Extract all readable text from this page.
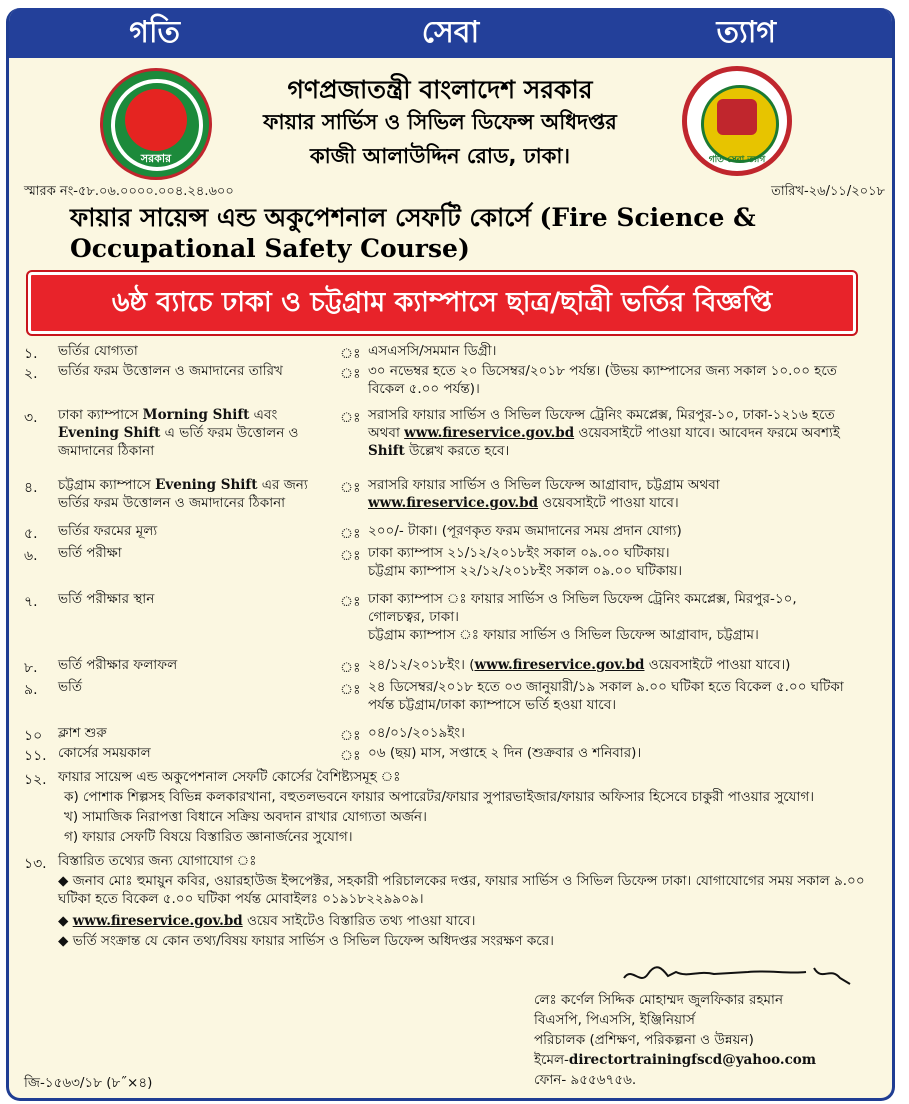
গতি	সেবা	ত্যাগ
সরকার	গতি সেবা ত্যাগ
গণপ্রজাতন্ত্রী বাংলাদেশ সরকার
ফায়ার সার্ভিস ও সিভিল ডিফেন্স অধিদপ্তর
কাজী আলাউদ্দিন রোড, ঢাকা।
স্মারক নং-৫৮.০৬.০০০০.০০৪.২৪.৬০০	তারিখ-২৬/১১/২০১৮
ফায়ার সায়েন্স এন্ড অকুপেশনাল সেফটি কোর্সে (Fire Science & Occupational Safety Course)
৬ষ্ঠ ব্যাচে ঢাকা ও চট্টগ্রাম ক্যাম্পাসে ছাত্র/ছাত্রী ভর্তির বিজ্ঞপ্তি
১. ভর্তির যোগ্যতা	ঃ এসএসসি/সমমান ডিগ্রী।
২. ভর্তির ফরম উত্তোলন ও জমাদানের তারিখ	ঃ ৩০ নভেম্বর হতে ২০ ডিসেম্বর/২০১৮ পর্যন্ত। (উভয় ক্যাম্পাসের জন্য সকাল ১০.০০ হতে বিকেল ৫.০০ পর্যন্ত)।
৩. ঢাকা ক্যাম্পাসে Morning Shift এবং Evening Shift এ ভর্তি ফরম উত্তোলন ও জমাদানের ঠিকানা
ঃ সরাসরি ফায়ার সার্ভিস ও সিভিল ডিফেন্স ট্রেনিং কমপ্লেক্স, মিরপুর-১০, ঢাকা-১২১৬ হতে অথবা www.fireservice.gov.bd ওয়েবসাইটে পাওয়া যাবে। আবেদন ফরমে অবশ্যই Shift উল্লেখ করতে হবে।
৪. চট্টগ্রাম ক্যাম্পাসে Evening Shift এর জন্য ভর্তির ফরম উত্তোলন ও জমাদানের ঠিকানা
ঃ সরাসরি ফায়ার সার্ভিস ও সিভিল ডিফেন্স আগ্রাবাদ, চট্টগ্রাম অথবা
www.fireservice.gov.bd ওয়েবসাইটে পাওয়া যাবে।
৫. ভর্তির ফরমের মূল্য	ঃ ২০০/- টাকা। (পূরণকৃত ফরম জমাদানের সময় প্রদান যোগ্য)
৬. ভর্তি পরীক্ষা	ঃ ঢাকা ক্যাম্পাস ২১/১২/২০১৮ইং সকাল ০৯.০০ ঘটিকায়।
চট্টগ্রাম ক্যাম্পাস ২২/১২/২০১৮ইং সকাল ০৯.০০ ঘটিকায়।
৭. ভর্তি পরীক্ষার স্থান	ঃ ঢাকা ক্যাম্পাস ঃ ফায়ার সার্ভিস ও সিভিল ডিফেন্স ট্রেনিং কমপ্লেক্স, মিরপুর-১০, গোলচত্বর, ঢাকা।
চট্টগ্রাম ক্যাম্পাস ঃ ফায়ার সার্ভিস ও সিভিল ডিফেন্স আগ্রাবাদ, চট্টগ্রাম।
৮. ভর্তি পরীক্ষার ফলাফল	ঃ ২৪/১২/২০১৮ইং। (www.fireservice.gov.bd ওয়েবসাইটে পাওয়া যাবে।)
৯. ভর্তি	ঃ ২৪ ডিসেম্বর/২০১৮ হতে ০৩ জানুয়ারী/১৯ সকাল ৯.০০ ঘটিকা হতে বিকেল ৫.০০ ঘটিকা পর্যন্ত চট্টগ্রাম/ঢাকা ক্যাম্পাসে ভর্তি হওয়া যাবে।
১০ ক্লাশ শুরু	ঃ ০৪/০১/২০১৯ইং।
১১. কোর্সের সময়কাল	ঃ ০৬ (ছয়) মাস, সপ্তাহে ২ দিন (শুক্রবার ও শনিবার)।
১২. ফায়ার সায়েন্স এন্ড অকুপেশনাল সেফটি কোর্সের বৈশিষ্ট্যসমূহ ঃ
ক) পোশাক শিল্পসহ বিভিন্ন কলকারখানা, বহুতলভবনে ফায়ার অপারেটর/ফায়ার সুপারভাইজার/ফায়ার অফিসার হিসেবে চাকুরী পাওয়ার সুযোগ।
খ) সামাজিক নিরাপত্তা বিধানে সক্রিয় অবদান রাখার যোগ্যতা অর্জন।
গ) ফায়ার সেফটি বিষয়ে বিস্তারিত জ্ঞানার্জনের সুযোগ।
১৩. বিস্তারিত তথ্যের জন্য যোগাযোগ ঃ
◆ জনাব মোঃ হুমায়ুন কবির, ওয়ারহাউজ ইন্সপেক্টর, সহকারী পরিচালকের দপ্তর, ফায়ার সার্ভিস ও সিভিল ডিফেন্স ঢাকা। যোগাযোগের সময় সকাল ৯.০০ ঘটিকা হতে বিকেল ৫.০০ ঘটিকা পর্যন্ত মোবাইলঃ ০১৯১৮২২৯৯০৯।
◆ www.fireservice.gov.bd ওয়েব সাইটেও বিস্তারিত তথ্য পাওয়া যাবে।
◆ ভর্তি সংক্রান্ত যে কোন তথ্য/বিষয় ফায়ার সার্ভিস ও সিভিল ডিফেন্স অধিদপ্তর সংরক্ষণ করে।
লেঃ কর্ণেল সিদ্দিক মোহাম্মদ জুলফিকার রহমান
বিএসপি, পিএসসি, ইঞ্জিনিয়ার্স
পরিচালক (প্রশিক্ষণ, পরিকল্পনা ও উন্নয়ন)
ইমেল-directortrainingfscd@yahoo.com
ফোন- ৯৫৫৬৭৫৬.
জি-১৫৬৩/১৮ (৮˝×৪)
